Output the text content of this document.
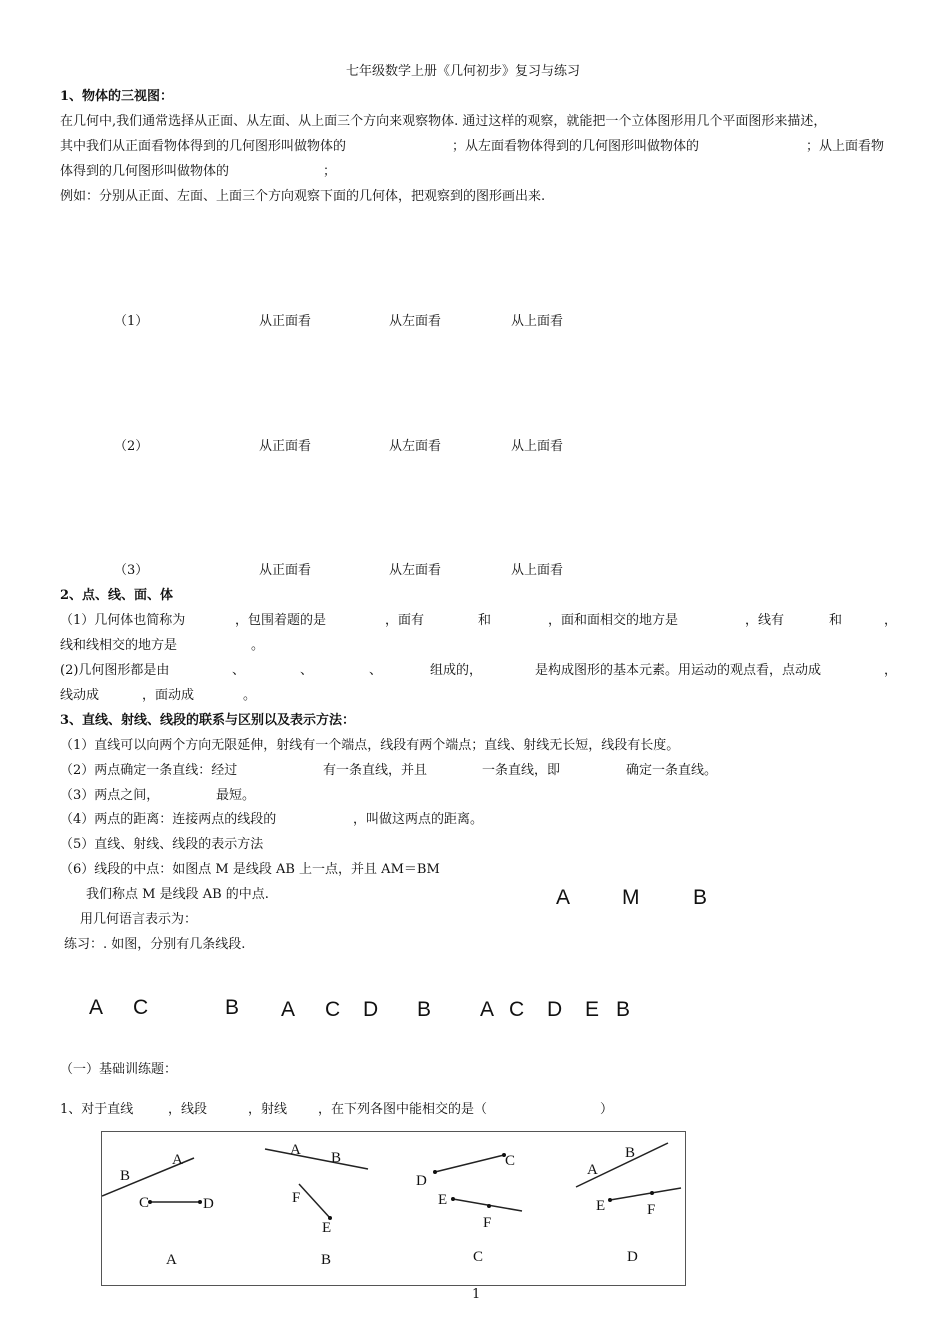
七年级数学上册《几何初步》复习与练习
1、物体的三视图：
在几何中,我们通常选择从正面、从左面、从上面三个方向来观察物体. 通过这样的观察，就能把一个立体图形用几个平面图形来描述，
其中我们从正面看物体得到的几何图形叫做物体的	；从左面看物体得到的几何图形叫做物体的	；从上面看物
体得到的几何图形叫做物体的	；
例如：分别从正面、左面、上面三个方向观察下面的几何体，把观察到的图形画出来.
（1）	从正面看	从左面看	从上面看
（2）	从正面看	从左面看	从上面看
（3）	从正面看	从左面看	从上面看
2、点、线、面、体
（1）几何体也简称为	，包围着题的是	，面有	和	，面和面相交的地方是	，线有	和	，
线和线相交的地方是	。
(2)几何图形都是由	、	、	、	组成的，	是构成图形的基本元素。用运动的观点看，点动成	，
线动成	，面动成	。
3、直线、射线、线段的联系与区别以及表示方法：
（1）直线可以向两个方向无限延伸，射线有一个端点，线段有两个端点；直线、射线无长短，线段有长度。
（2）两点确定一条直线：经过	有一条直线，并且	一条直线，即	确定一条直线。
（3）两点之间，	最短。
（4）两点的距离：连接两点的线段的	，叫做这两点的距离。
（5）直线、射线、线段的表示方法
（6）线段的中点：如图点 M 是线段 AB 上一点，并且 AM＝BM
我们称点 M 是线段 AB 的中点.
用几何语言表示为：
练习：. 如图，分别有几条线段.
A M	B
A C	B A C D B A C D E B
（一）基础训练题：
1、对于直线	，线段	，射线 ，在下列各图中能相交的是（	）
B
A
C	D
A
A B
F
E
B
D
C
E
F
C
A
B
E	F
D
1
